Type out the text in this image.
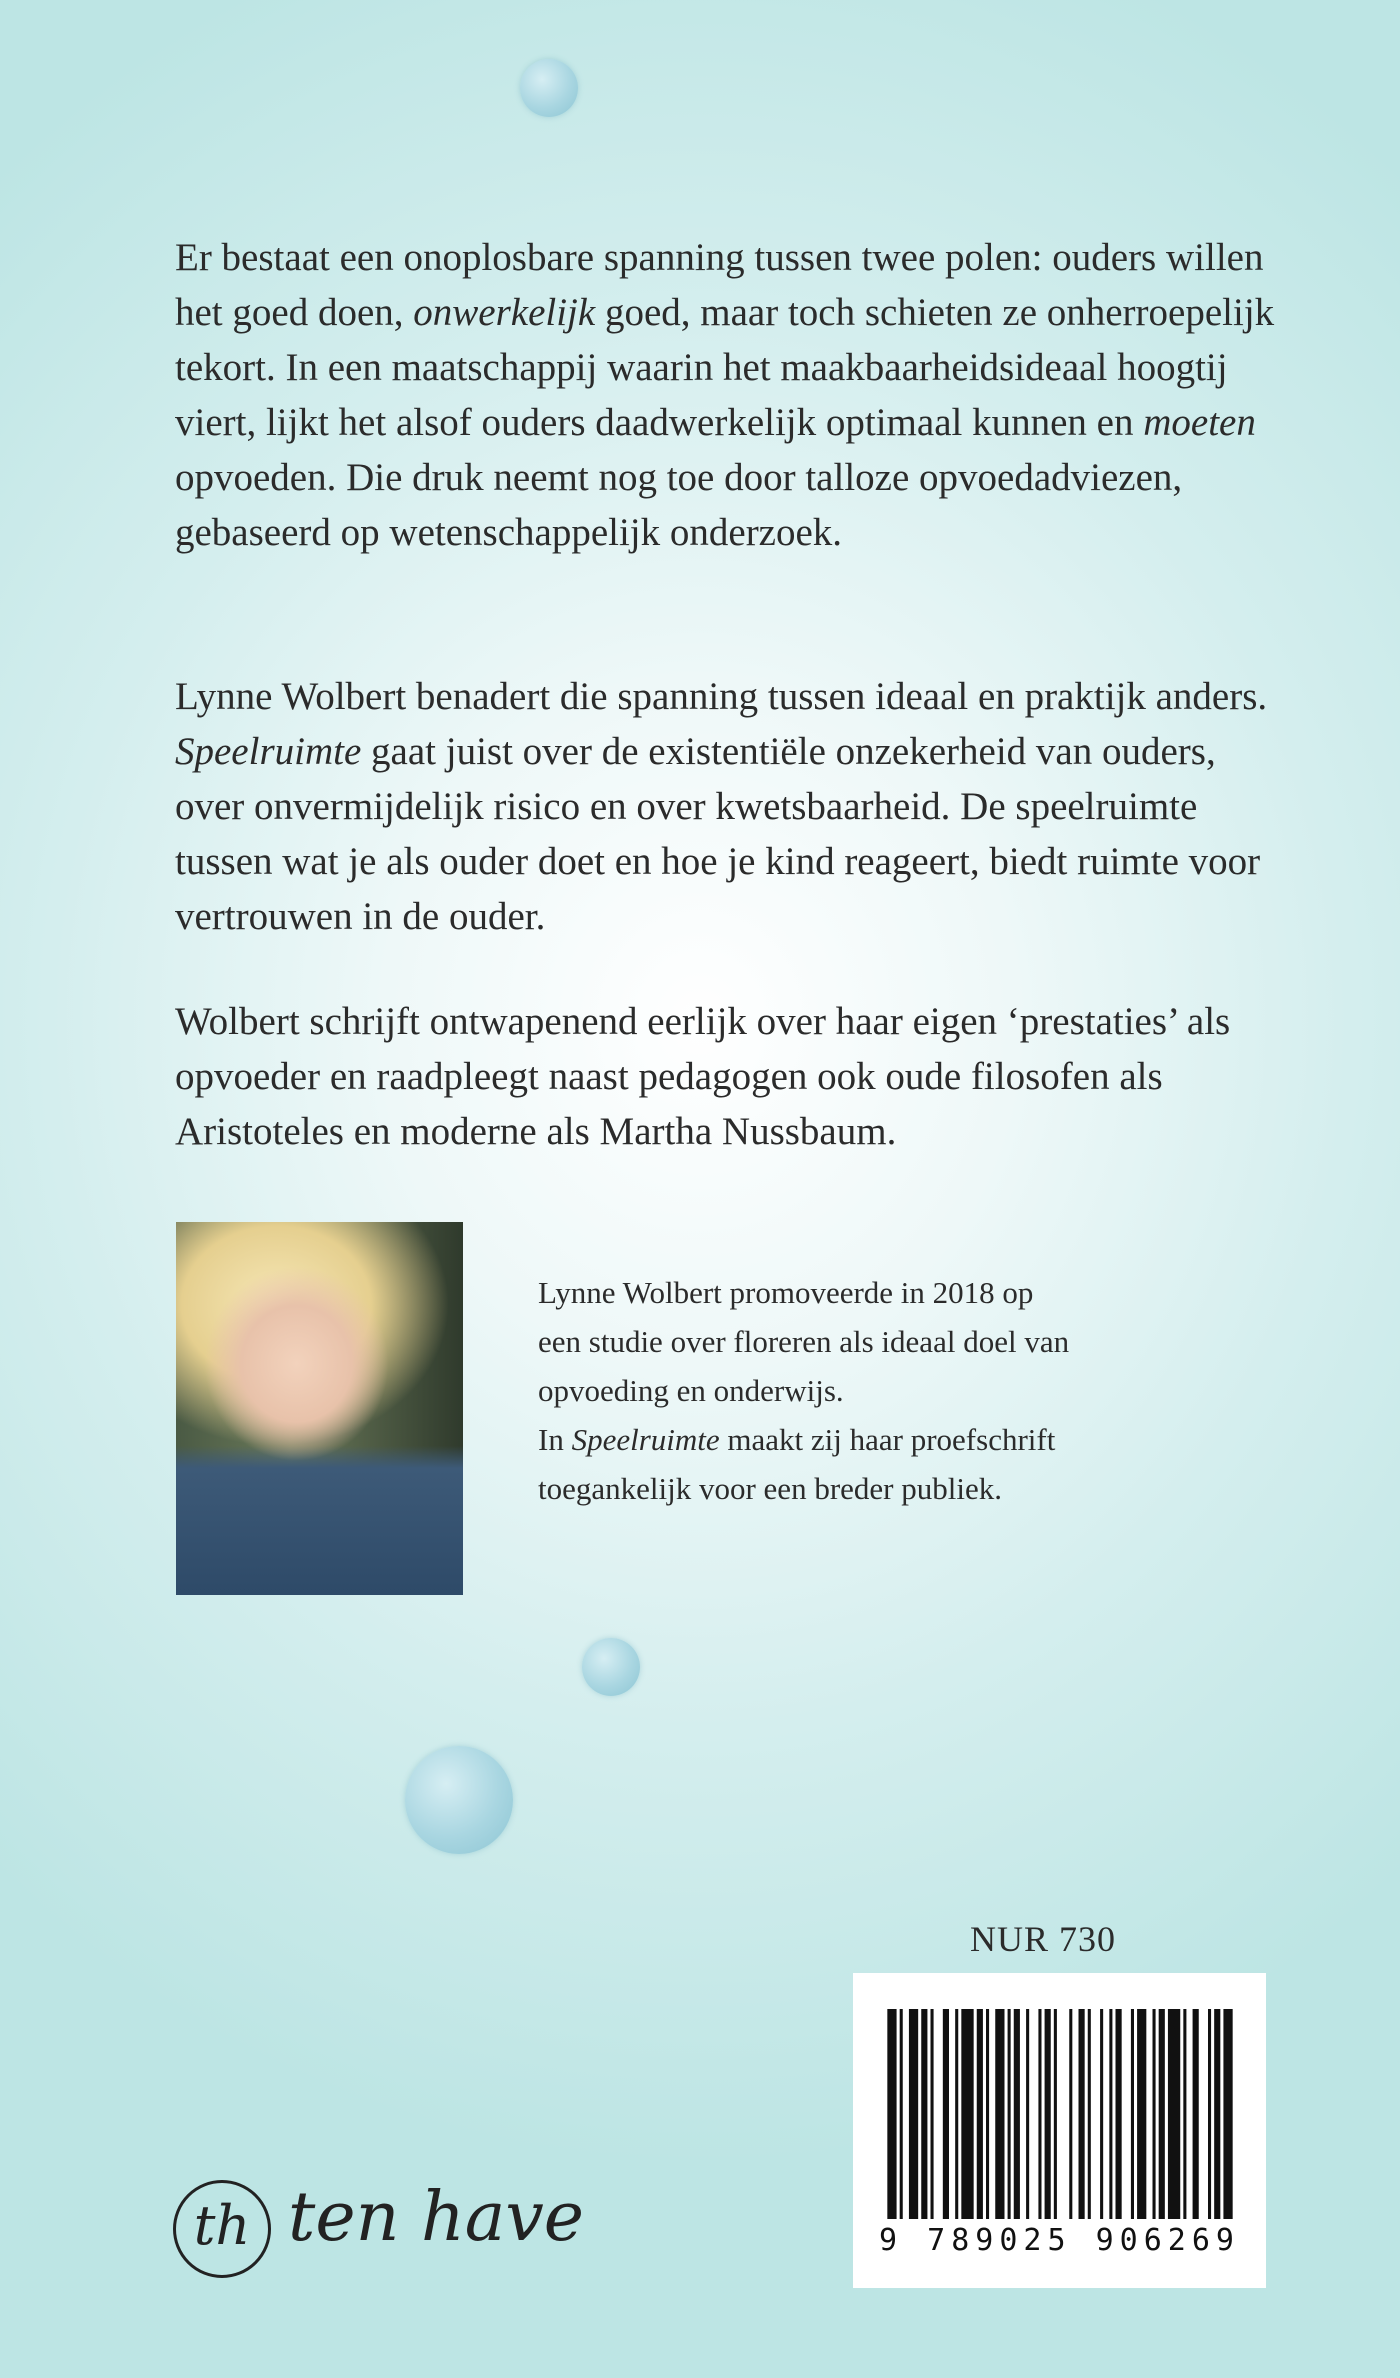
Er bestaat een onoplosbare spanning tussen twee polen: ouders willen het goed doen, onwerkelijk goed, maar toch schieten ze onherroepelijk tekort. In een maatschappij waarin het maakbaarheidsideaal hoogtij viert, lijkt het alsof ouders daadwerkelijk optimaal kunnen en moeten opvoeden. Die druk neemt nog toe door talloze opvoedadviezen, gebaseerd op wetenschappelijk onderzoek.

Lynne Wolbert benadert die spanning tussen ideaal en praktijk anders. Speelruimte gaat juist over de existentiële onzekerheid van ouders, over onvermijdelijk risico en over kwetsbaarheid. De speelruimte tussen wat je als ouder doet en hoe je kind reageert, biedt ruimte voor vertrouwen in de ouder.

Wolbert schrijft ontwapenend eerlijk over haar eigen ‘prestaties’ als opvoeder en raadpleegt naast pedagogen ook oude filosofen als Aristoteles en moderne als Martha Nussbaum.

Lynne Wolbert promoveerde in 2018 op
een studie over floreren als ideaal doel van
opvoeding en onderwijs.
In Speelruimte maakt zij haar proefschrift
toegankelijk voor een breder publiek.
NUR 730
9 789025 906269
th ten have
